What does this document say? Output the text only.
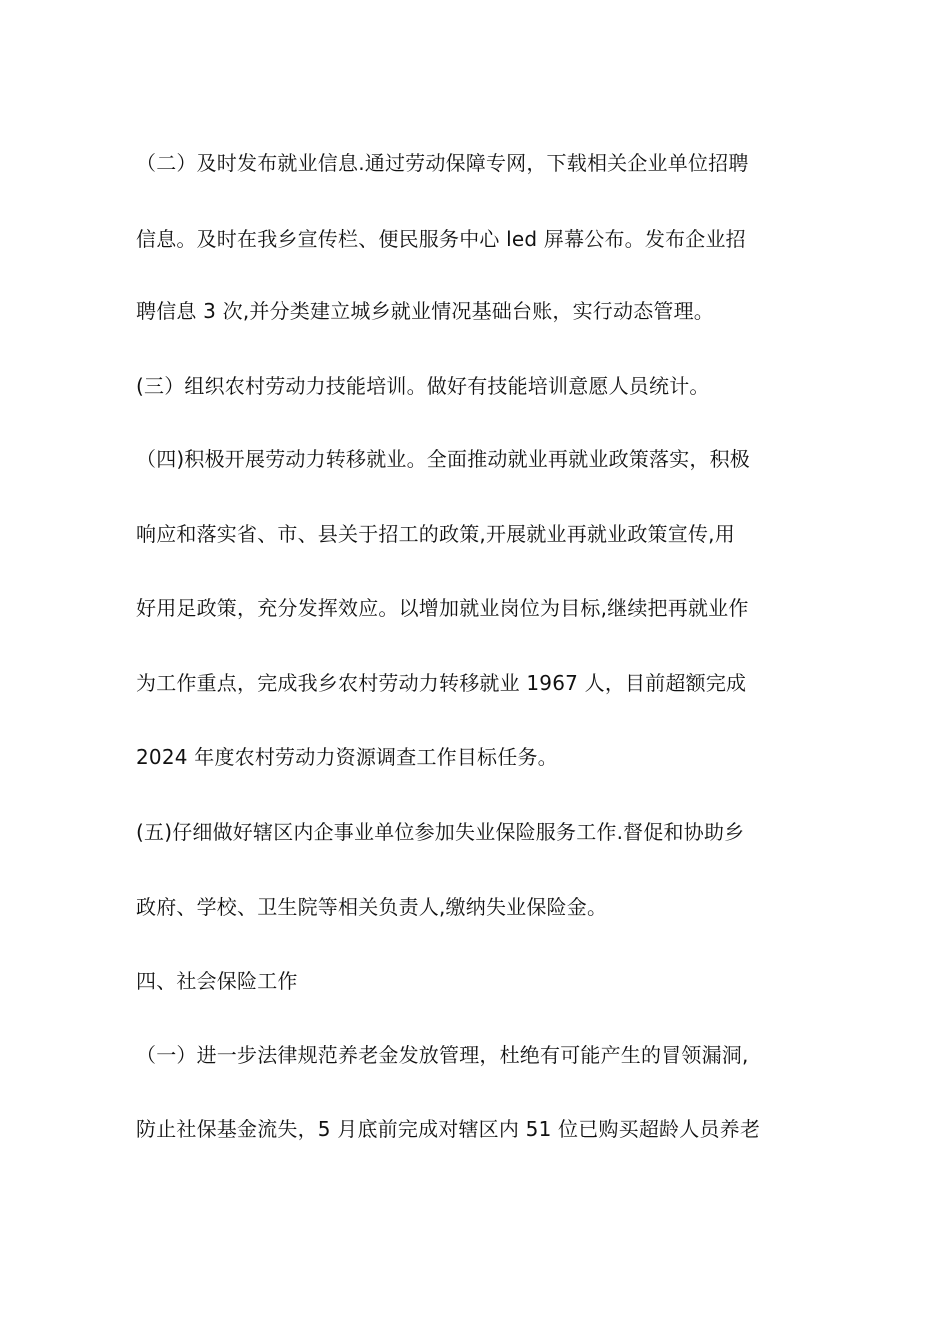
（二）及时发布就业信息.通过劳动保障专网，下载相关企业单位招聘
信息。及时在我乡宣传栏、便民服务中心 led 屏幕公布。发布企业招
聘信息 3 次,并分类建立城乡就业情况基础台账，实行动态管理。
(三）组织农村劳动力技能培训。做好有技能培训意愿人员统计。
（四)积极开展劳动力转移就业。全面推动就业再就业政策落实，积极
响应和落实省、市、县关于招工的政策,开展就业再就业政策宣传,用
好用足政策，充分发挥效应。以增加就业岗位为目标,继续把再就业作
为工作重点，完成我乡农村劳动力转移就业 1967 人，目前超额完成
2024 年度农村劳动力资源调查工作目标任务。
(五)仔细做好辖区内企事业单位参加失业保险服务工作.督促和协助乡
政府、学校、卫生院等相关负责人,缴纳失业保险金。
四、社会保险工作
（一）进一步法律规范养老金发放管理，杜绝有可能产生的冒领漏洞,
防止社保基金流失，5 月底前完成对辖区内 51 位已购买超龄人员养老
